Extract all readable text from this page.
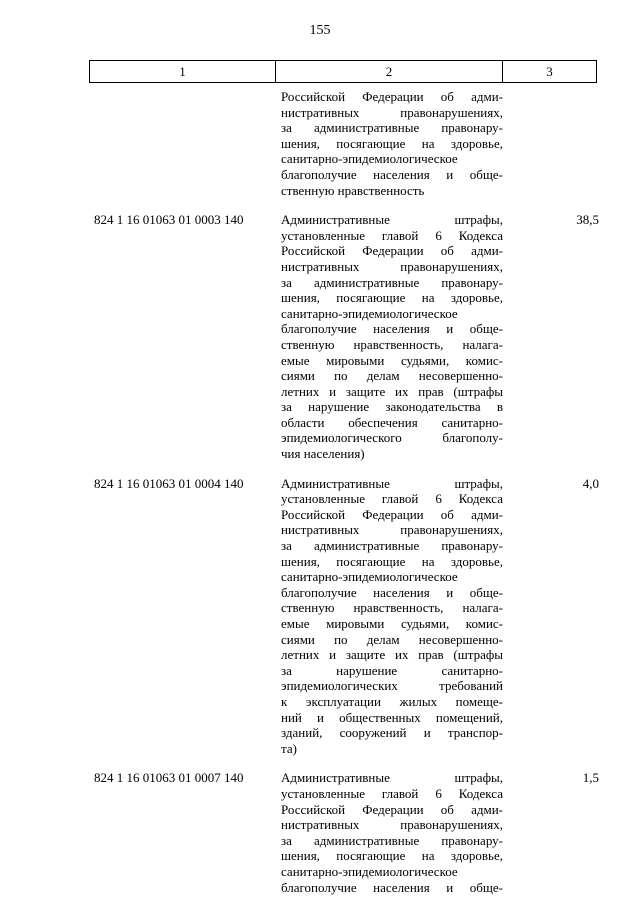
155
1	2	3
Российской Федерации об адми-
нистративных правонарушениях,
за административные правонару-
шения, посягающие на здоровье,
санитарно-эпидемиологическое
благополучие населения и обще-
ственную нравственность
824 1 16 01063 01 0003 140	Административные штрафы,
установленные главой 6 Кодекса
Российской Федерации об адми-
нистративных правонарушениях,
за административные правонару-
шения, посягающие на здоровье,
санитарно-эпидемиологическое
благополучие населения и обще-
ственную нравственность, налага-
емые мировыми судьями, комис-
сиями по делам несовершенно-
летних и защите их прав (штрафы
за нарушение законодательства в
области обеспечения санитарно-
эпидемиологического благополу-
чия населения)
38,5
824 1 16 01063 01 0004 140	Административные штрафы,
установленные главой 6 Кодекса
Российской Федерации об адми-
нистративных правонарушениях,
за административные правонару-
шения, посягающие на здоровье,
санитарно-эпидемиологическое
благополучие населения и обще-
ственную нравственность, налага-
емые мировыми судьями, комис-
сиями по делам несовершенно-
летних и защите их прав (штрафы
за нарушение санитарно-
эпидемиологических требований
к эксплуатации жилых помеще-
ний и общественных помещений,
зданий, сооружений и транспор-
та)
4,0
824 1 16 01063 01 0007 140	Административные штрафы,
установленные главой 6 Кодекса
Российской Федерации об адми-
нистративных правонарушениях,
за административные правонару-
шения, посягающие на здоровье,
санитарно-эпидемиологическое
благополучие населения и обще-
1,5
